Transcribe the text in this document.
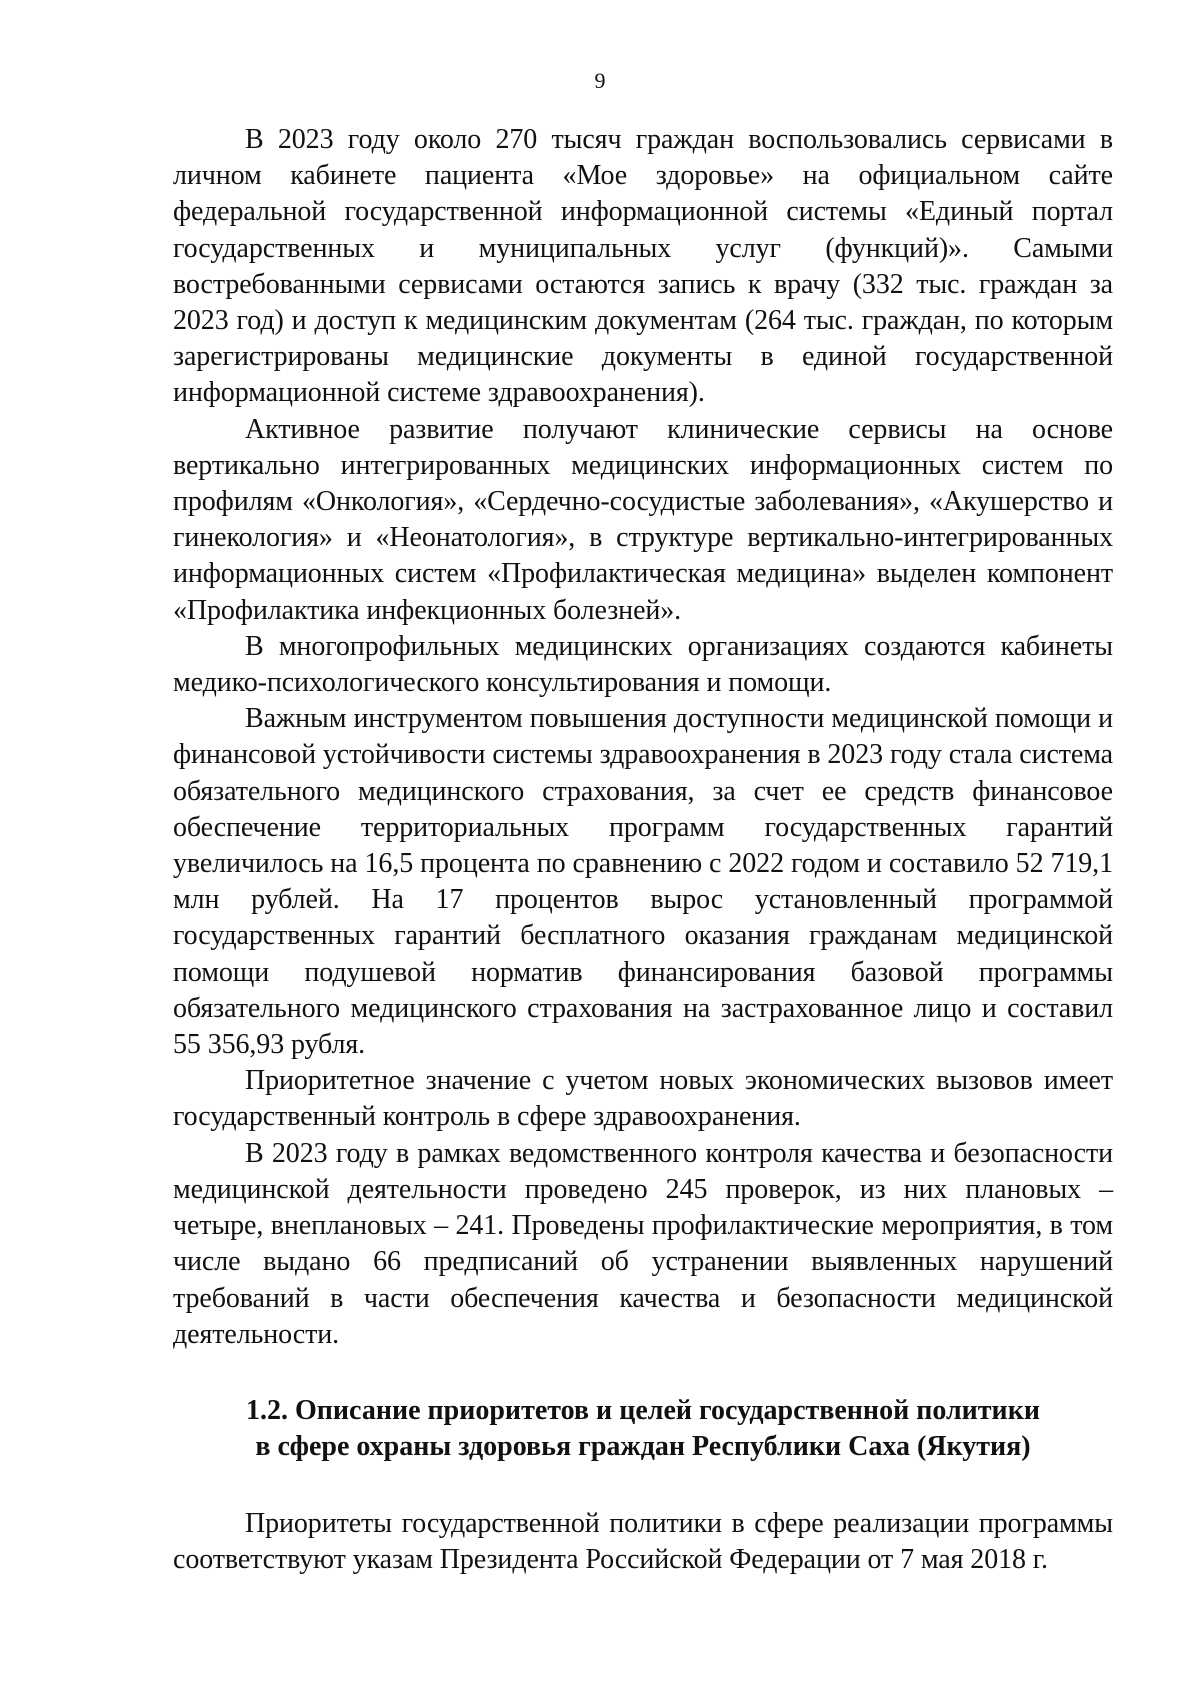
9

В 2023 году около 270 тысяч граждан воспользовались сервисами в личном кабинете пациента «Мое здоровье» на официальном сайте федеральной государственной информационной системы «Единый портал государственных и муниципальных услуг (функций)». Самыми востребованными сервисами остаются запись к врачу (332 тыс. граждан за 2023 год) и доступ к медицинским документам (264 тыс. граждан, по которым зарегистрированы медицинские документы в единой государственной информационной системе здравоохранения).

Активное развитие получают клинические сервисы на основе вертикально интегрированных медицинских информационных систем по профилям «Онкология», «Сердечно-сосудистые заболевания», «Акушерство и гинекология» и «Неонатология», в структуре вертикально-интегрированных информационных систем «Профилактическая медицина» выделен компонент «Профилактика инфекционных болезней».

В многопрофильных медицинских организациях создаются кабинеты медико-психологического консультирования и помощи.

Важным инструментом повышения доступности медицинской помощи и финансовой устойчивости системы здравоохранения в 2023 году стала система обязательного медицинского страхования, за счет ее средств финансовое обеспечение территориальных программ государственных гарантий увеличилось на 16,5 процента по сравнению с 2022 годом и составило 52 719,1 млн рублей. На 17 процентов вырос установленный программой государственных гарантий бесплатного оказания гражданам медицинской помощи подушевой норматив финансирования базовой программы обязательного медицинского страхования на застрахованное лицо и составил 55 356,93 рубля.

Приоритетное значение с учетом новых экономических вызовов имеет государственный контроль в сфере здравоохранения.

В 2023 году в рамках ведомственного контроля качества и безопасности медицинской деятельности проведено 245 проверок, из них плановых – четыре, внеплановых – 241. Проведены профилактические мероприятия, в том числе выдано 66 предписаний об устранении выявленных нарушений требований в части обеспечения качества и безопасности медицинской деятельности.

1.2. Описание приоритетов и целей государственной политики
в сфере охраны здоровья граждан Республики Саха (Якутия)

Приоритеты государственной политики в сфере реализации программы соответствуют указам Президента Российской Федерации от 7 мая 2018 г.
